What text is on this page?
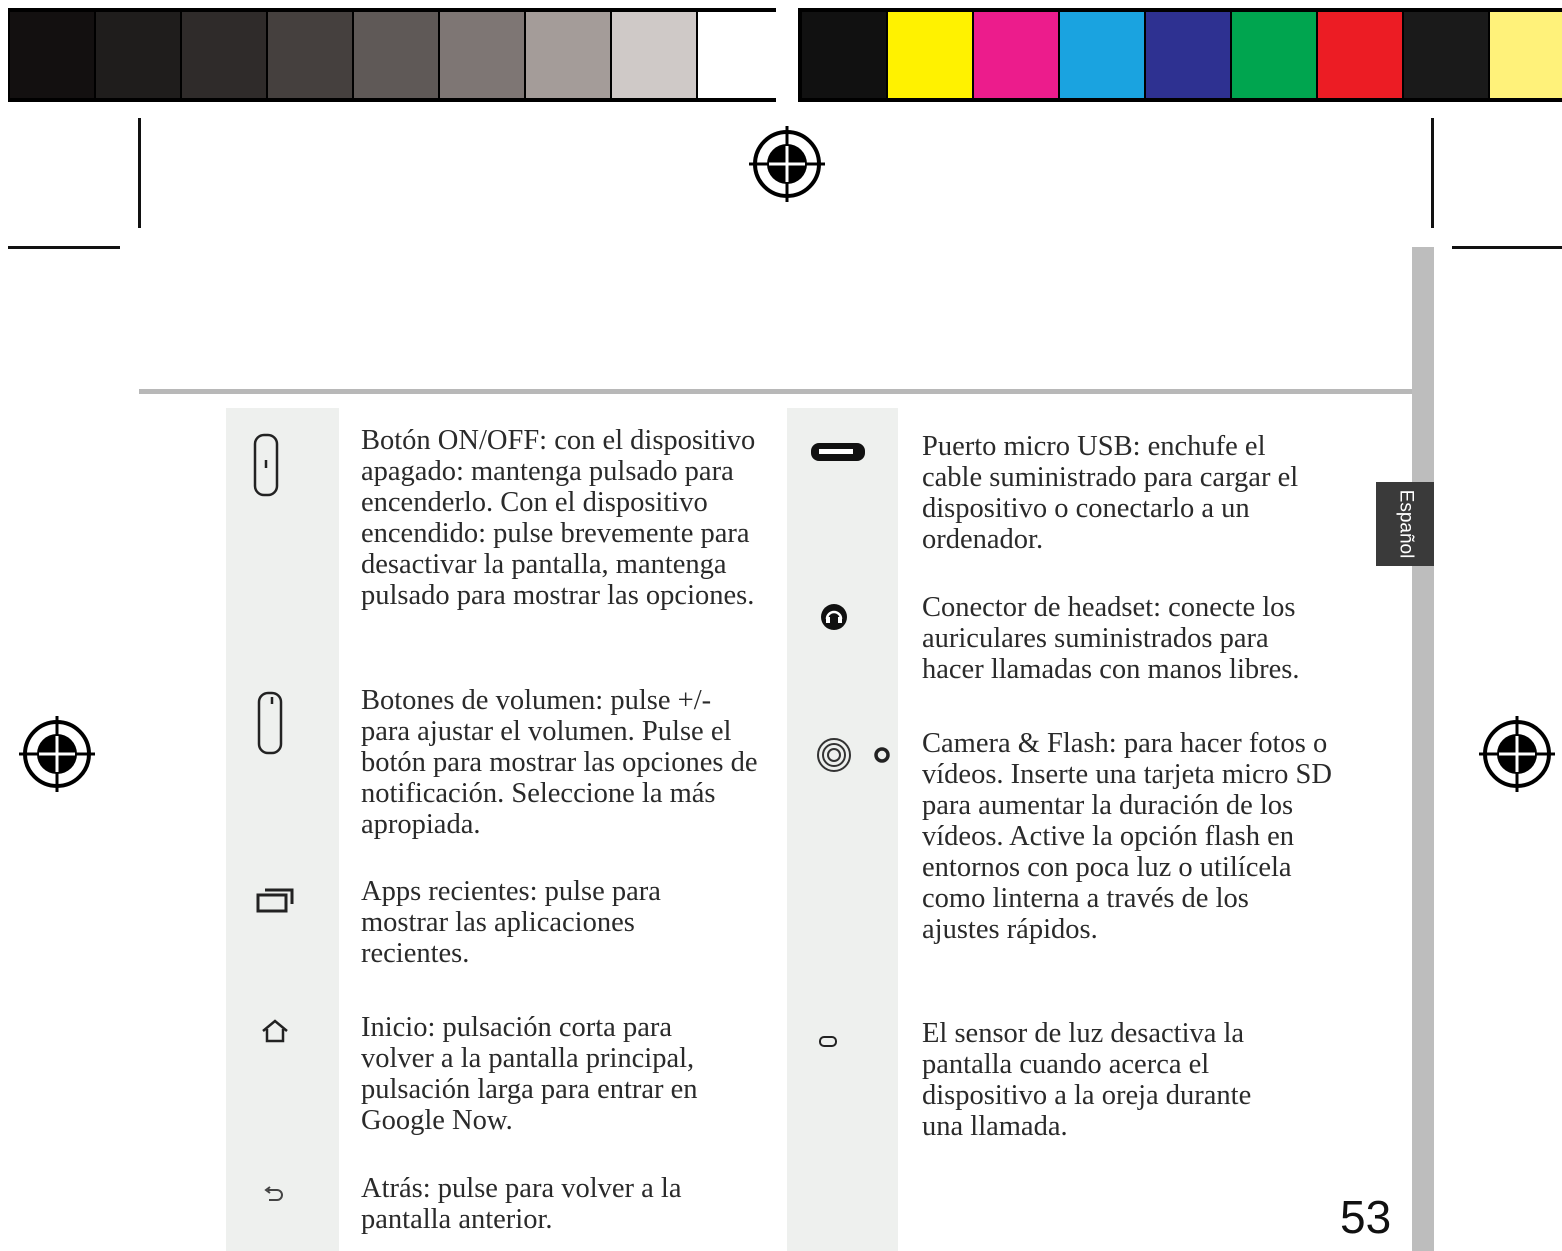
Español

Botón ON/OFF: con el dispositivo apagado: mantenga pulsado para encenderlo. Con el dispositivo encendido: pulse brevemente para desactivar la pantalla, mantenga pulsado para mostrar las opciones.

Botones de volumen: pulse +/- para ajustar el volumen. Pulse el botón para mostrar las opciones de notificación. Seleccione la más apropiada.

Apps recientes: pulse para mostrar las aplicaciones recientes.

Inicio: pulsación corta para volver a la pantalla principal, pulsación larga para entrar en Google Now.

Atrás: pulse para volver a la pantalla anterior.

Puerto micro USB: enchufe el cable suministrado para cargar el dispositivo o conectarlo a un ordenador.

Conector de headset: conecte los auriculares suministrados para hacer llamadas con manos libres.

Camera & Flash: para hacer fotos o vídeos. Inserte una tarjeta micro SD para aumentar la duración de los vídeos. Active la opción flash en entornos con poca luz o utilícela como linterna a través de los ajustes rápidos.

El sensor de luz desactiva la pantalla cuando acerca el dispositivo a la oreja durante una llamada.

53
